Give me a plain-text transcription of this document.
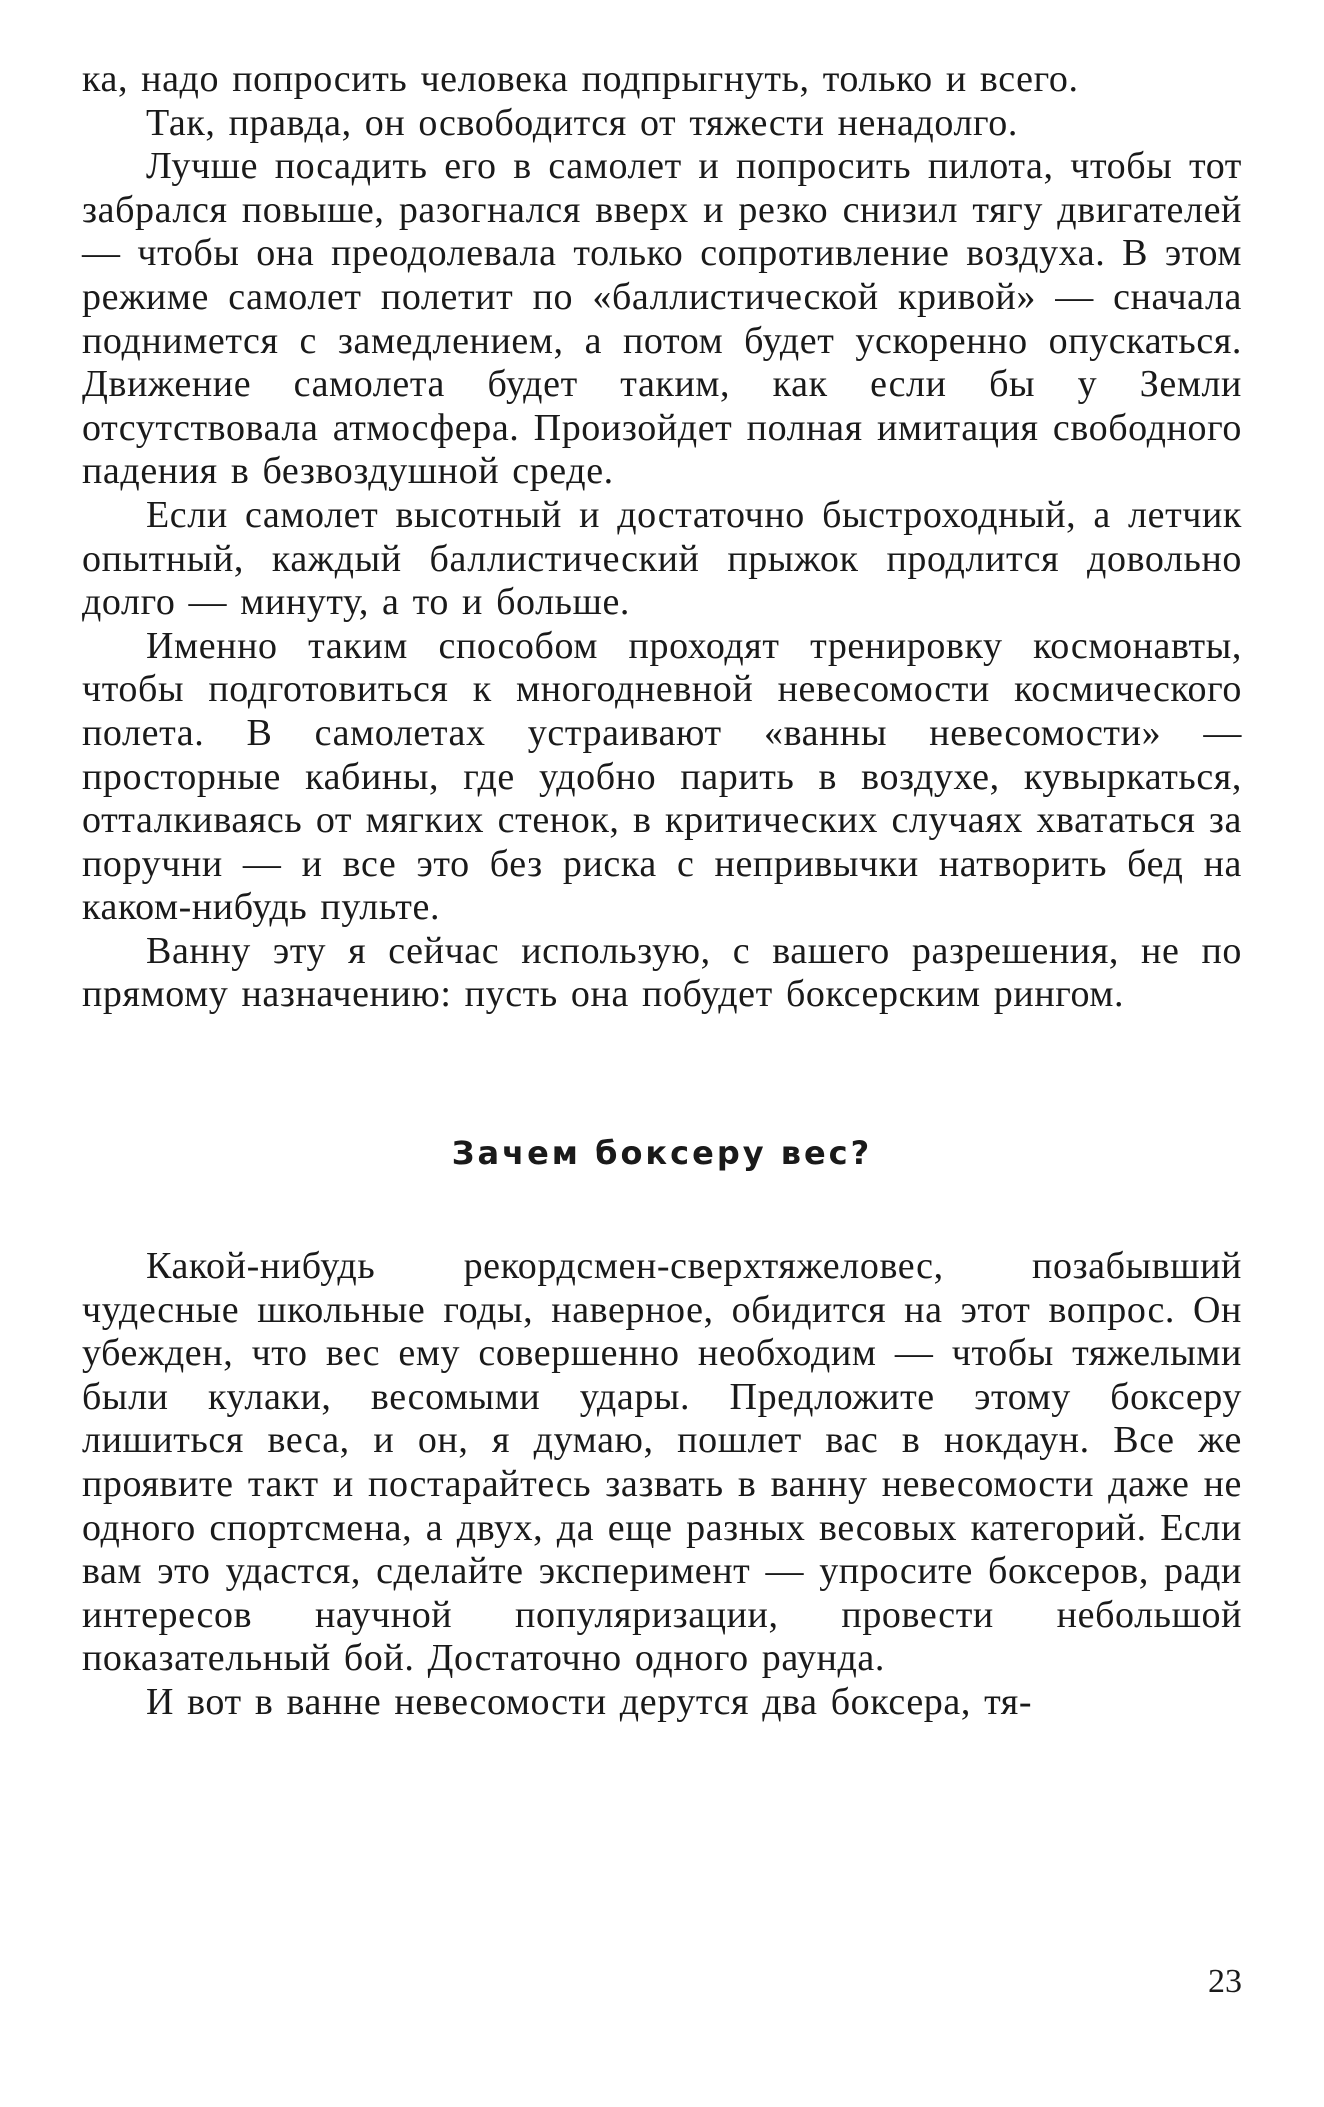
ка, надо попросить человека подпрыгнуть, только и всего.

Так, правда, он освободится от тяжести ненадолго.

Лучше посадить его в самолет и попросить пилота, чтобы тот забрался повыше, разогнался вверх и резко снизил тягу двигателей — чтобы она преодолевала только сопротивление воздуха. В этом режиме самолет полетит по «баллистической кривой» — сначала поднимется с замедлением, а потом будет ускоренно опускаться. Движение самолета будет таким, как если бы у Земли отсутствовала атмосфера. Произойдет полная имитация свободного падения в безвоздушной среде.

Если самолет высотный и достаточно быстроходный, а летчик опытный, каждый баллистический прыжок продлится довольно долго — минуту, а то и больше.

Именно таким способом проходят тренировку космонавты, чтобы подготовиться к многодневной невесомости космического полета. В самолетах устраивают «ванны невесомости» — просторные кабины, где удобно парить в воздухе, кувыркаться, отталкиваясь от мягких стенок, в критических случаях хвататься за поручни — и все это без риска с непривычки натворить бед на каком-нибудь пульте.

Ванну эту я сейчас использую, с вашего разрешения, не по прямому назначению: пусть она побудет боксерским рингом.

Зачем боксеру вес?

Какой-нибудь рекордсмен-сверхтяжеловес, позабывший чудесные школьные годы, наверное, обидится на этот вопрос. Он убежден, что вес ему совершенно необходим — чтобы тяжелыми были кулаки, весомыми удары. Предложите этому боксеру лишиться веса, и он, я думаю, пошлет вас в нокдаун. Все же проявите такт и постарайтесь зазвать в ванну невесомости даже не одного спортсмена, а двух, да еще разных весовых категорий. Если вам это удастся, сделайте эксперимент — упросите боксеров, ради интересов научной популяризации, провести небольшой показательный бой. Достаточно одного раунда.

И вот в ванне невесомости дерутся два боксера, тя-

23
